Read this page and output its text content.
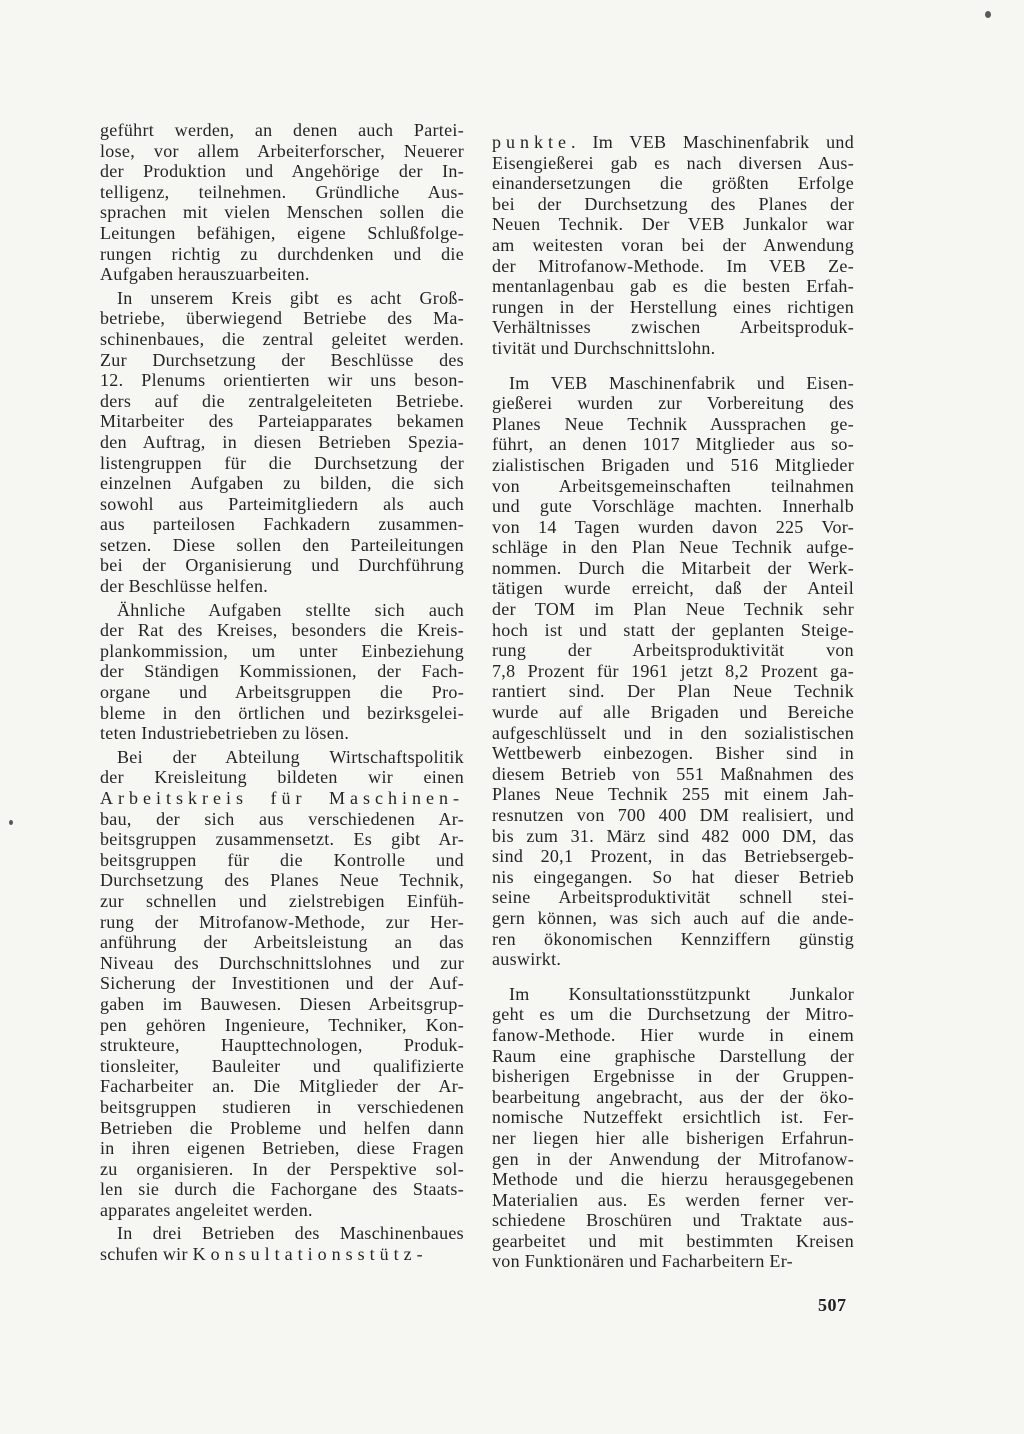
geführt werden, an denen auch Partei-
lose, vor allem Arbeiterforscher, Neuerer
der Produktion und Angehörige der In-
telligenz, teilnehmen. Gründliche Aus-
sprachen mit vielen Menschen sollen die
Leitungen befähigen, eigene Schlußfolge-
rungen richtig zu durchdenken und die
Aufgaben herauszuarbeiten.
In unserem Kreis gibt es acht Groß-
betriebe, überwiegend Betriebe des Ma-
schinenbaues, die zentral geleitet werden.
Zur Durchsetzung der Beschlüsse des
12. Plenums orientierten wir uns beson-
ders auf die zentralgeleiteten Betriebe.
Mitarbeiter des Parteiapparates bekamen
den Auftrag, in diesen Betrieben Spezia-
listengruppen für die Durchsetzung der
einzelnen Aufgaben zu bilden, die sich
sowohl aus Parteimitgliedern als auch
aus parteilosen Fachkadern zusammen-
setzen. Diese sollen den Parteileitungen
bei der Organisierung und Durchführung
der Beschlüsse helfen.
Ähnliche Aufgaben stellte sich auch
der Rat des Kreises, besonders die Kreis-
plankommission, um unter Einbeziehung
der Ständigen Kommissionen, der Fach-
organe und Arbeitsgruppen die Pro-
bleme in den örtlichen und bezirksgelei-
teten Industriebetrieben zu lösen.
Bei der Abteilung Wirtschaftspolitik
der Kreisleitung bildeten wir einen
Arbeitskreis für Maschinen-
bau, der sich aus verschiedenen Ar-
beitsgruppen zusammensetzt. Es gibt Ar-
beitsgruppen für die Kontrolle und
Durchsetzung des Planes Neue Technik,
zur schnellen und zielstrebigen Einfüh-
rung der Mitrofanow-Methode, zur Her-
anführung der Arbeitsleistung an das
Niveau des Durchschnittslohnes und zur
Sicherung der Investitionen und der Auf-
gaben im Bauwesen. Diesen Arbeitsgrup-
pen gehören Ingenieure, Techniker, Kon-
strukteure, Haupttechnologen, Produk-
tionsleiter, Bauleiter und qualifizierte
Facharbeiter an. Die Mitglieder der Ar-
beitsgruppen studieren in verschiedenen
Betrieben die Probleme und helfen dann
in ihren eigenen Betrieben, diese Fragen
zu organisieren. In der Perspektive sol-
len sie durch die Fachorgane des Staats-
apparates angeleitet werden.
In drei Betrieben des Maschinenbaues
schufen wir Konsultationsstütz-
punkte. Im VEB Maschinenfabrik und
Eisengießerei gab es nach diversen Aus-
einandersetzungen die größten Erfolge
bei der Durchsetzung des Planes der
Neuen Technik. Der VEB Junkalor war
am weitesten voran bei der Anwendung
der Mitrofanow-Methode. Im VEB Ze-
mentanlagenbau gab es die besten Erfah-
rungen in der Herstellung eines richtigen
Verhältnisses zwischen Arbeitsproduk-
tivität und Durchschnittslohn.
Im VEB Maschinenfabrik und Eisen-
gießerei wurden zur Vorbereitung des
Planes Neue Technik Aussprachen ge-
führt, an denen 1017 Mitglieder aus so-
zialistischen Brigaden und 516 Mitglieder
von Arbeitsgemeinschaften teilnahmen
und gute Vorschläge machten. Innerhalb
von 14 Tagen wurden davon 225 Vor-
schläge in den Plan Neue Technik aufge-
nommen. Durch die Mitarbeit der Werk-
tätigen wurde erreicht, daß der Anteil
der TOM im Plan Neue Technik sehr
hoch ist und statt der geplanten Steige-
rung der Arbeitsproduktivität von
7,8 Prozent für 1961 jetzt 8,2 Prozent ga-
rantiert sind. Der Plan Neue Technik
wurde auf alle Brigaden und Bereiche
aufgeschlüsselt und in den sozialistischen
Wettbewerb einbezogen. Bisher sind in
diesem Betrieb von 551 Maßnahmen des
Planes Neue Technik 255 mit einem Jah-
resnutzen von 700 400 DM realisiert, und
bis zum 31. März sind 482 000 DM, das
sind 20,1 Prozent, in das Betriebsergeb-
nis eingegangen. So hat dieser Betrieb
seine Arbeitsproduktivität schnell stei-
gern können, was sich auch auf die ande-
ren ökonomischen Kennziffern günstig
auswirkt.
Im Konsultationsstützpunkt Junkalor
geht es um die Durchsetzung der Mitro-
fanow-Methode. Hier wurde in einem
Raum eine graphische Darstellung der
bisherigen Ergebnisse in der Gruppen-
bearbeitung angebracht, aus der der öko-
nomische Nutzeffekt ersichtlich ist. Fer-
ner liegen hier alle bisherigen Erfahrun-
gen in der Anwendung der Mitrofanow-
Methode und die hierzu herausgegebenen
Materialien aus. Es werden ferner ver-
schiedene Broschüren und Traktate aus-
gearbeitet und mit bestimmten Kreisen
von Funktionären und Facharbeitern Er-
507
